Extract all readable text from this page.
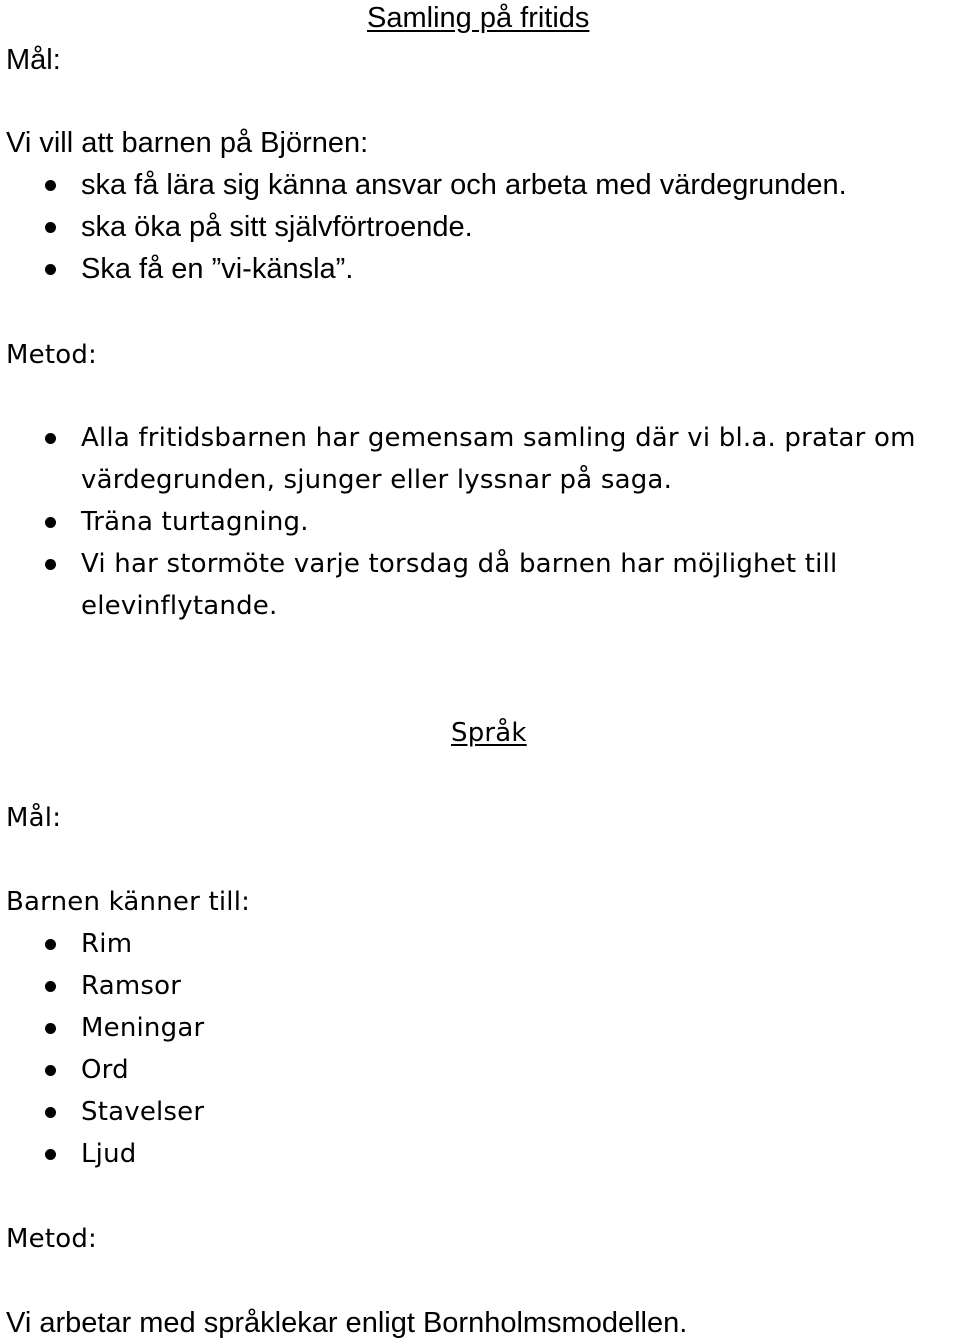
Samling på fritids
Mål:
Vi vill att barnen på Björnen:
ska få lära sig känna ansvar och arbeta med värdegrunden.
ska öka på sitt självförtroende.
Ska få en ”vi-känsla”.
Metod:
Alla fritidsbarnen har gemensam samling där vi bl.a. pratar om
värdegrunden, sjunger eller lyssnar på saga.
Träna turtagning.
Vi har stormöte varje torsdag då barnen har möjlighet till
elevinflytande.
Språk
Mål:
Barnen känner till:
Rim
Ramsor
Meningar
Ord
Stavelser
Ljud
Metod:
Vi arbetar med språklekar enligt Bornholmsmodellen.
